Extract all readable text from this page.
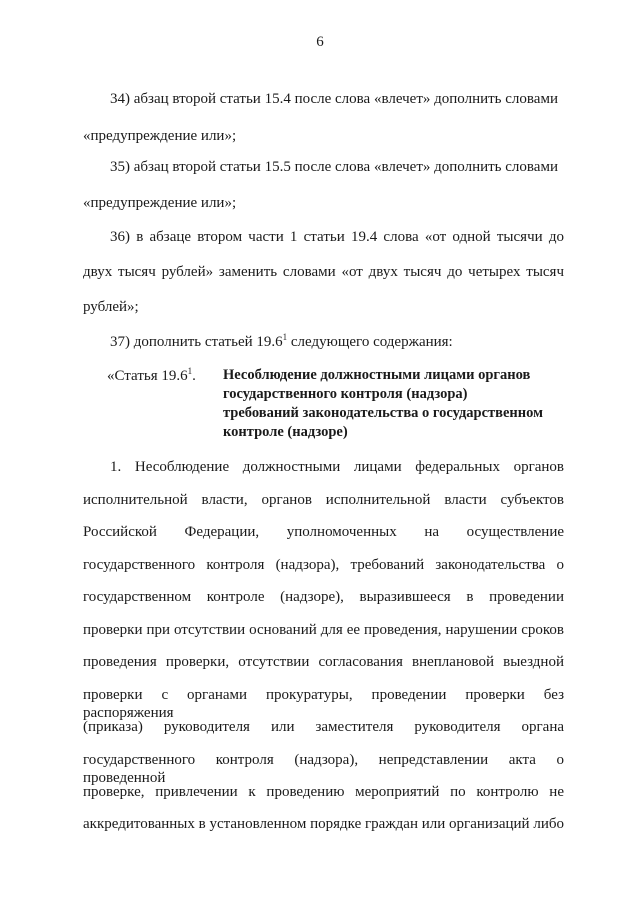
6
34) абзац второй статьи 15.4 после слова «влечет» дополнить словами
«предупреждение или»;
35) абзац второй статьи 15.5 после слова «влечет» дополнить словами
«предупреждение или»;
36) в абзаце втором части 1 статьи 19.4 слова «от одной тысячи до
двух тысяч рублей» заменить словами «от двух тысяч до четырех тысяч
рублей»;
37) дополнить статьей 19.6$^1$ следующего содержания:
«Статья 19.6$^1$. Несоблюдение должностными лицами органов
государственного контроля (надзора)
требований законодательства о государственном
контроле (надзоре)
1. Несоблюдение должностными лицами федеральных органов
исполнительной власти, органов исполнительной власти субъектов
Российской Федерации, уполномоченных на осуществление
государственного контроля (надзора), требований законодательства о
государственном контроле (надзоре), выразившееся в проведении
проверки при отсутствии оснований для ее проведения, нарушении сроков
проведения проверки, отсутствии согласования внеплановой выездной
проверки с органами прокуратуры, проведении проверки без распоряжения
(приказа) руководителя или заместителя руководителя органа
государственного контроля (надзора), непредставлении акта о проведенной
проверке, привлечении к проведению мероприятий по контролю не
аккредитованных в установленном порядке граждан или организаций либо
